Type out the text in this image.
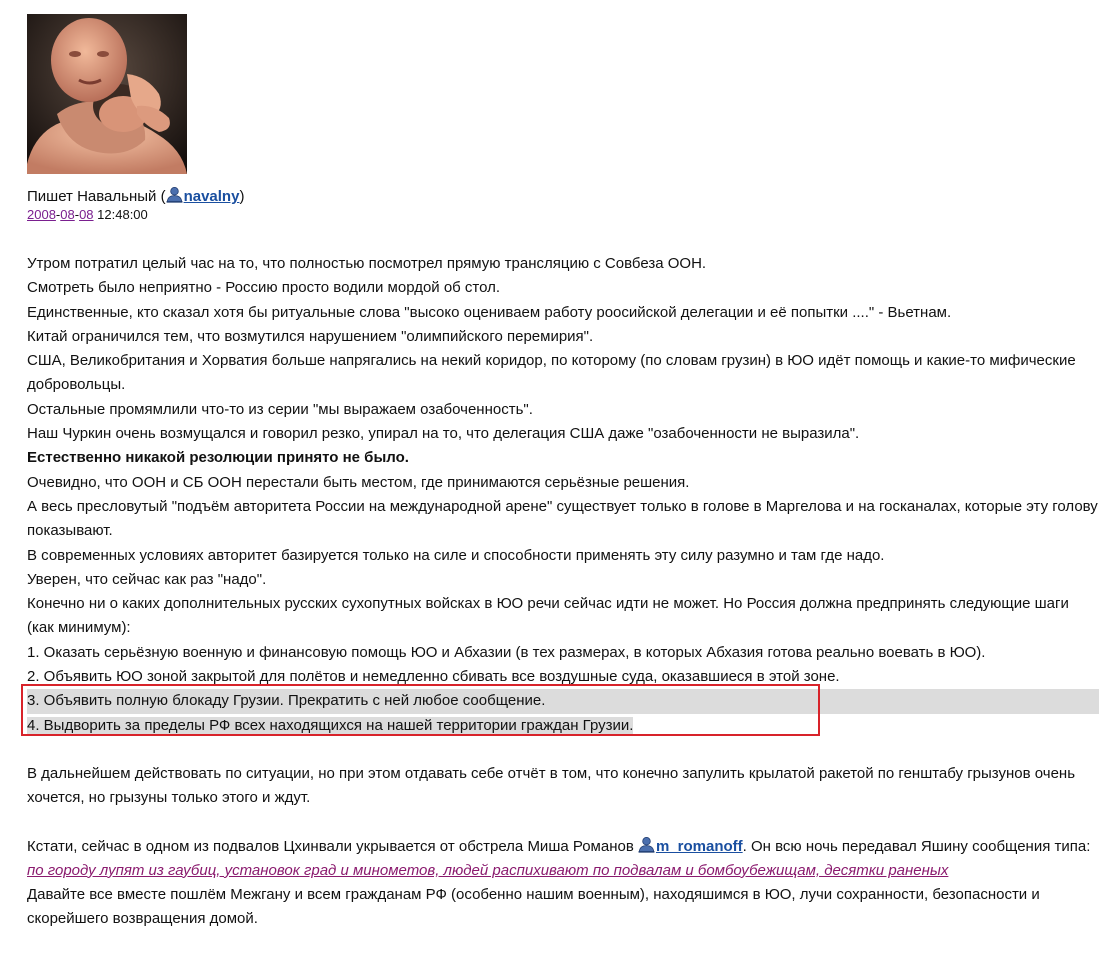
Пишет Навальный ( navalny)
2008-08-08 12:48:00

Утром потратил целый час на то, что полностью посмотрел прямую трансляцию с Совбеза ООН.

Смотреть было неприятно - Россию просто водили мордой об стол.

Единственные, кто сказал хотя бы ритуальные слова "высоко оцениваем работу роосийской делегации и её попытки ...." - Вьетнам.

Китай ограничился тем, что возмутился нарушением "олимпийского перемирия".

США, Великобритания и Хорватия больше напрягались на некий коридор, по которому (по словам грузин) в ЮО идёт помощь и какие-то мифические добровольцы.

Остальные промямлили что-то из серии "мы выражаем озабоченность".

Наш Чуркин очень возмущался и говорил резко, упирал на то, что делегация США даже "озабоченности не выразила".

Естественно никакой резолюции принято не было.

Очевидно, что ООН и СБ ООН перестали быть местом, где принимаются серьёзные решения.

А весь пресловутый "подъём авторитета России на международной арене" существует только в голове в Маргелова и на госканалах, которые эту голову показывают.

В современных условиях авторитет базируется только на силе и способности применять эту силу разумно и там где надо.

Уверен, что сейчас как раз "надо".

Конечно ни о каких дополнительных русских сухопутных войсках в ЮО речи сейчас идти не может. Но Россия должна предпринять следующие шаги (как минимум):

1. Оказать серьёзную военную и финансовую помощь ЮО и Абхазии (в тех размерах, в которых Абхазия готова реально воевать в ЮО).

2. Объявить ЮО зоной закрытой для полётов и немедленно сбивать все воздушные суда, оказавшиеся в этой зоне.

3. Объявить полную блокаду Грузии. Прекратить с ней любое сообщение.

4. Выдворить за пределы РФ всех находящихся на нашей территории граждан Грузии.

В дальнейшем действовать по ситуации, но при этом отдавать себе отчёт в том, что конечно запулить крылатой ракетой по генштабу грызунов очень хочется, но грызуны только этого и ждут.

Кстати, сейчас в одном из подвалов Цхинвали укрывается от обстрела Миша Романов m_romanoff. Он всю ночь передавал Яшину сообщения типа:

по городу лупят из гаубиц, установок град и минометов, людей распихивают по подвалам и бомбоубежищам, десятки раненых

Давайте все вместе пошлём Межгану и всем гражданам РФ (особенно нашим военным), находяшимся в ЮО, лучи сохранности, безопасности и скорейшего возвращения домой.
